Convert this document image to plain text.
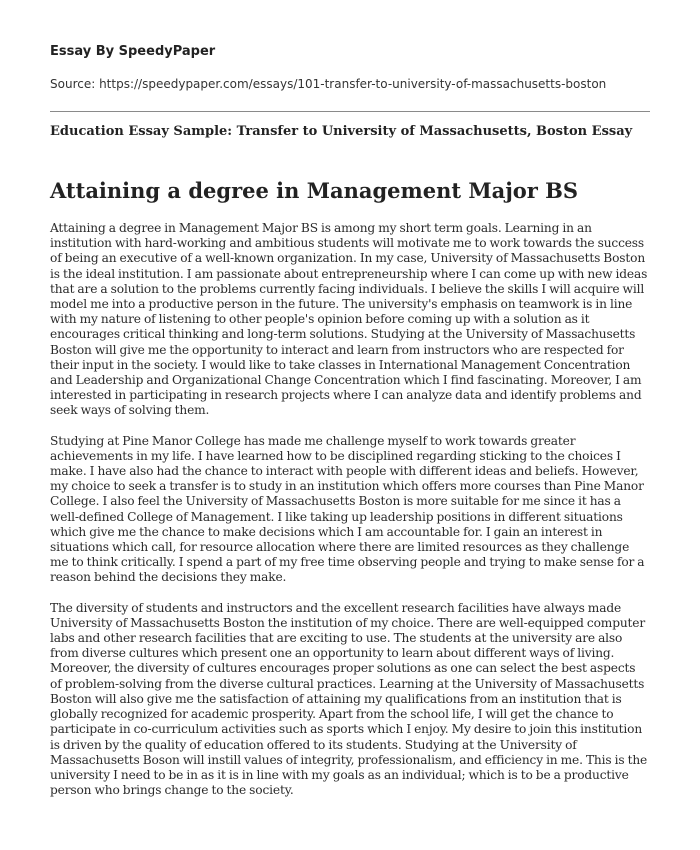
Essay By SpeedyPaper
Source: https://speedypaper.com/essays/101-transfer-to-university-of-massachusetts-boston
Education Essay Sample: Transfer to University of Massachusetts, Boston Essay
Attaining a degree in Management Major BS

Attaining a degree in Management Major BS is among my short term goals. Learning in an institution with hard-working and ambitious students will motivate me to work towards the success of being an executive of a well-known organization. In my case, University of Massachusetts Boston is the ideal institution. I am passionate about entrepreneurship where I can come up with new ideas that are a solution to the problems currently facing individuals. I believe the skills I will acquire will model me into a productive person in the future. The university's emphasis on teamwork is in line with my nature of listening to other people's opinion before coming up with a solution as it encourages critical thinking and long-term solutions. Studying at the University of Massachusetts Boston will give me the opportunity to interact and learn from instructors who are respected for their input in the society. I would like to take classes in International Management Concentration and Leadership and Organizational Change Concentration which I find fascinating. Moreover, I am interested in participating in research projects where I can analyze data and identify problems and seek ways of solving them.

Studying at Pine Manor College has made me challenge myself to work towards greater achievements in my life. I have learned how to be disciplined regarding sticking to the choices I make. I have also had the chance to interact with people with different ideas and beliefs. However, my choice to seek a transfer is to study in an institution which offers more courses than Pine Manor College. I also feel the University of Massachusetts Boston is more suitable for me since it has a well-defined College of Management. I like taking up leadership positions in different situations which give me the chance to make decisions which I am accountable for. I gain an interest in situations which call, for resource allocation where there are limited resources as they challenge me to think critically. I spend a part of my free time observing people and trying to make sense for a reason behind the decisions they make.

The diversity of students and instructors and the excellent research facilities have always made University of Massachusetts Boston the institution of my choice. There are well-equipped computer labs and other research facilities that are exciting to use. The students at the university are also from diverse cultures which present one an opportunity to learn about different ways of living. Moreover, the diversity of cultures encourages proper solutions as one can select the best aspects of problem-solving from the diverse cultural practices. Learning at the University of Massachusetts Boston will also give me the satisfaction of attaining my qualifications from an institution that is globally recognized for academic prosperity. Apart from the school life, I will get the chance to participate in co-curriculum activities such as sports which I enjoy. My desire to join this institution is driven by the quality of education offered to its students. Studying at the University of Massachusetts Boson will instill values of integrity, professionalism, and efficiency in me. This is the university I need to be in as it is in line with my goals as an individual; which is to be a productive person who brings change to the society.
